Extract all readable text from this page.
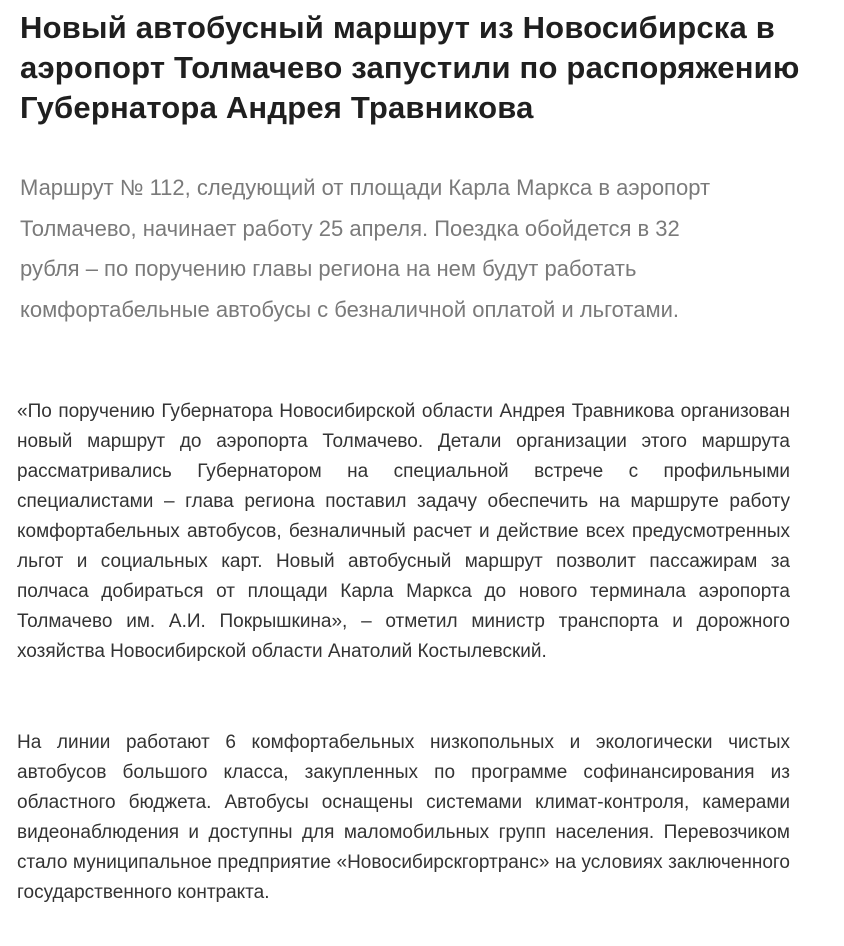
Новый автобусный маршрут из Новосибирска в аэропорт Толмачево запустили по распоряжению Губернатора Андрея Травникова

Маршрут № 112, следующий от площади Карла Маркса в аэропорт Толмачево, начинает работу 25 апреля. Поездка обойдется в 32 рубля – по поручению главы региона на нем будут работать комфортабельные автобусы с безналичной оплатой и льготами.

«По поручению Губернатора Новосибирской области Андрея Травникова организован новый маршрут до аэропорта Толмачево. Детали организации этого маршрута рассматривались Губернатором на специальной встрече с профильными специалистами – глава региона поставил задачу обеспечить на маршруте работу комфортабельных автобусов, безналичный расчет и действие всех предусмотренных льгот и социальных карт. Новый автобусный маршрут позволит пассажирам за полчаса добираться от площади Карла Маркса до нового терминала аэропорта Толмачево им. А.И. Покрышкина», – отметил министр транспорта и дорожного хозяйства Новосибирской области Анатолий Костылевский.

На линии работают 6 комфортабельных низкопольных и экологически чистых автобусов большого класса, закупленных по программе софинансирования из областного бюджета. Автобусы оснащены системами климат-контроля, камерами видеонаблюдения и доступны для маломобильных групп населения. Перевозчиком стало муниципальное предприятие «Новосибирскгортранс» на условиях заключенного государственного контракта.
